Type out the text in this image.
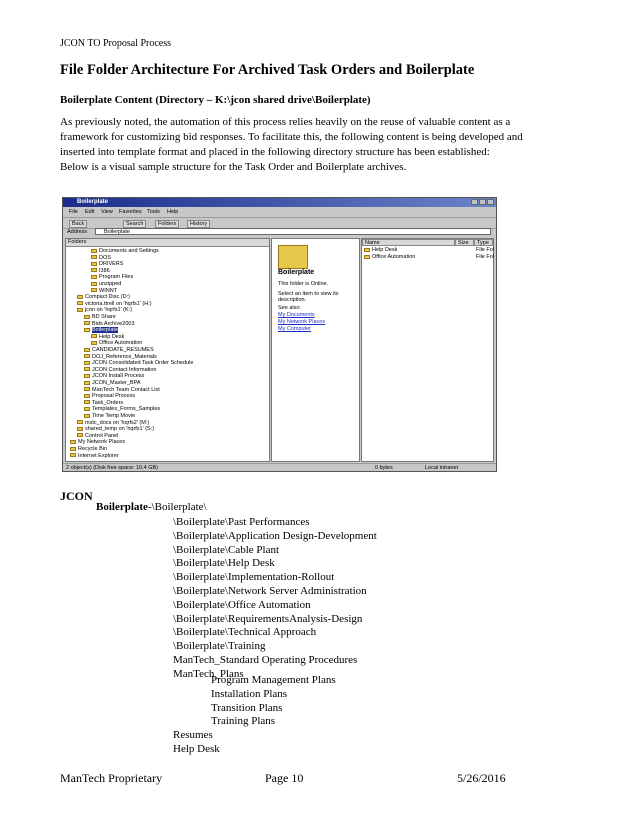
JCON TO Proposal Process
File Folder Architecture For Archived Task Orders and Boilerplate
Boilerplate Content (Directory – K:\jcon shared drive\Boilerplate)

As previously noted, the automation of this process relies heavily on the reuse of valuable content as a framework for customizing bid responses. To facilitate this, the following content is being developed and inserted into template format and placed in the following directory structure has been established:

Below is a visual sample structure for the Task Order and Boilerplate archives.

Boilerplate
File Edit View Favorites Tools Help
Back	Search	Folders	History
Address	Boilerplate
Folders
Documents and Settings
DOS
DRIVERS
I386
Program Files
unzipped
WINNT
Compact Disc (D:)
victoria.ttrell on 'hqrfs1' (H:)
jcon on 'hqrfs1' (K:)
BD Share
Bids Archive2003
Boilerplate
Help Desk
Office Automation
CANDIDATE_RESUMES
DOJ_Reference_Materials
JCON Consolidated Task Order Schedule
JCON Contact Information
JCON Install Process
JCON_Master_BPA
ManTech Team Contact List
Proposal Process
Task_Orders
Templates_Forms_Samples
Time Temp Movie
mstc_docs on 'hqrfs2' (M:)
shared_temp on 'hqrfs1' (S:)
Control Panel
My Network Places
Recycle Bin
Internet Explorer
Boilerplate
This folder is Online.
Select an item to view its
description.
See also:
My Documents
My Network Places
My Computer
Name	Size Type
Help Desk	File Fol
Office Automation	File Fol
2 object(s) (Disk free space: 10.4 GB)	0 bytes	Local intranet
JCON
Boilerplate-\Boilerplate\
\Boilerplate\Past Performances
\Boilerplate\Application Design-Development
\Boilerplate\Cable Plant
\Boilerplate\Help Desk
\Boilerplate\Implementation-Rollout
\Boilerplate\Network Server Administration
\Boilerplate\Office Automation
\Boilerplate\RequirementsAnalysis-Design
\Boilerplate\Technical Approach
\Boilerplate\Training
ManTech_Standard Operating Procedures
ManTech_Plans
Program Management Plans
Installation Plans
Transition Plans
Training Plans
Resumes
Help Desk
ManTech Proprietary	Page 10	5/26/2016
